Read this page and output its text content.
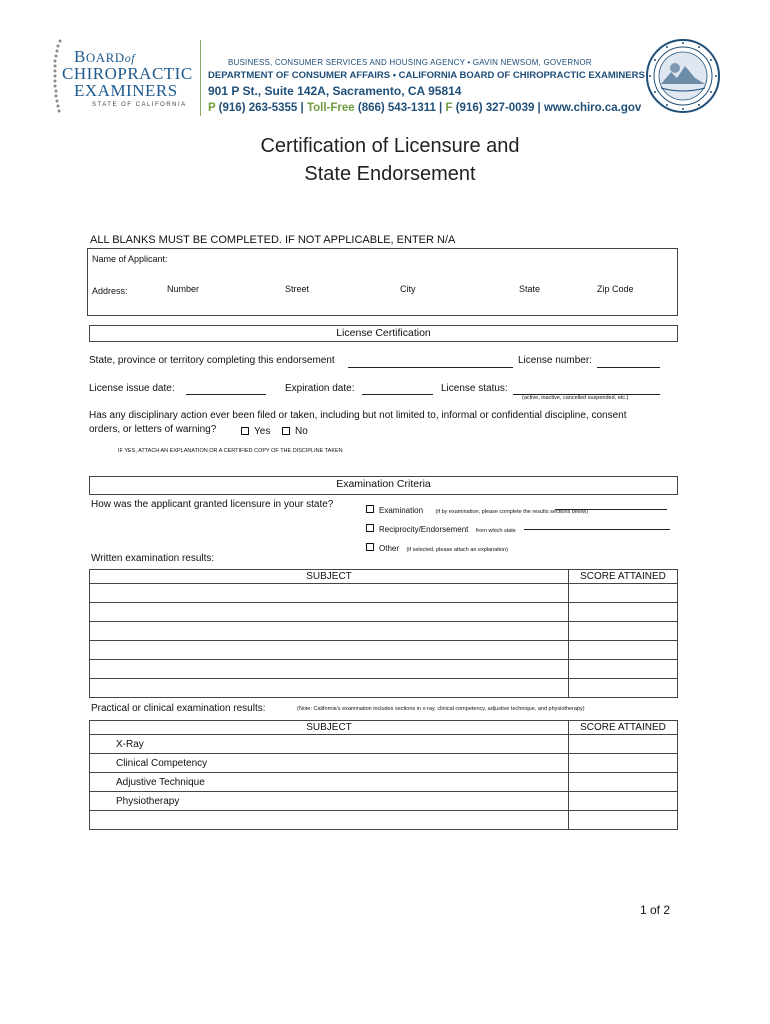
BOARDof
CHIROPRACTIC
EXAMINERS
STATE OF CALIFORNIA
BUSINESS, CONSUMER SERVICES AND HOUSING AGENCY • GAVIN NEWSOM, GOVERNOR
DEPARTMENT OF CONSUMER AFFAIRS • CALIFORNIA BOARD OF CHIROPRACTIC EXAMINERS
901 P St., Suite 142A, Sacramento, CA 95814
P (916) 263-5355 | Toll-Free (866) 543-1311 | F (916) 327-0039 | www.chiro.ca.gov
Certification of Licensure and
State Endorsement
ALL BLANKS MUST BE COMPLETED. IF NOT APPLICABLE, ENTER N/A
Name of Applicant:
Address:	Number	Street	City	State	Zip Code
License Certification
State, province or territory completing this endorsement	License number:
License issue date:	Expiration date:	License status:
(active, inactive, cancelled suspended, etc.)
Has any disciplinary action ever been filed or taken, including but not limited to, informal or confidential discipline, consent
orders, or letters of warning?	Yes	No
IF YES, ATTACH AN EXPLANATION OR A CERTIFIED COPY OF THE DISCIPLINE TAKEN
Examination Criteria
How was the applicant granted licensure in your state?
Examination (if by examination, please complete the results sections below)
Reciprocity/Endorsement from which state
Other (if selected, please attach an explanation)
Written examination results:
SUBJECT	SCORE ATTAINED

Practical or clinical examination results:	(Note: California's examination includes sections in x-ray, clinical competency, adjustive technique, and physiotherapy)
SUBJECT	SCORE ATTAINED
X-Ray	
Clinical Competency	
Adjustive Technique	
Physiotherapy	

1 of 2
